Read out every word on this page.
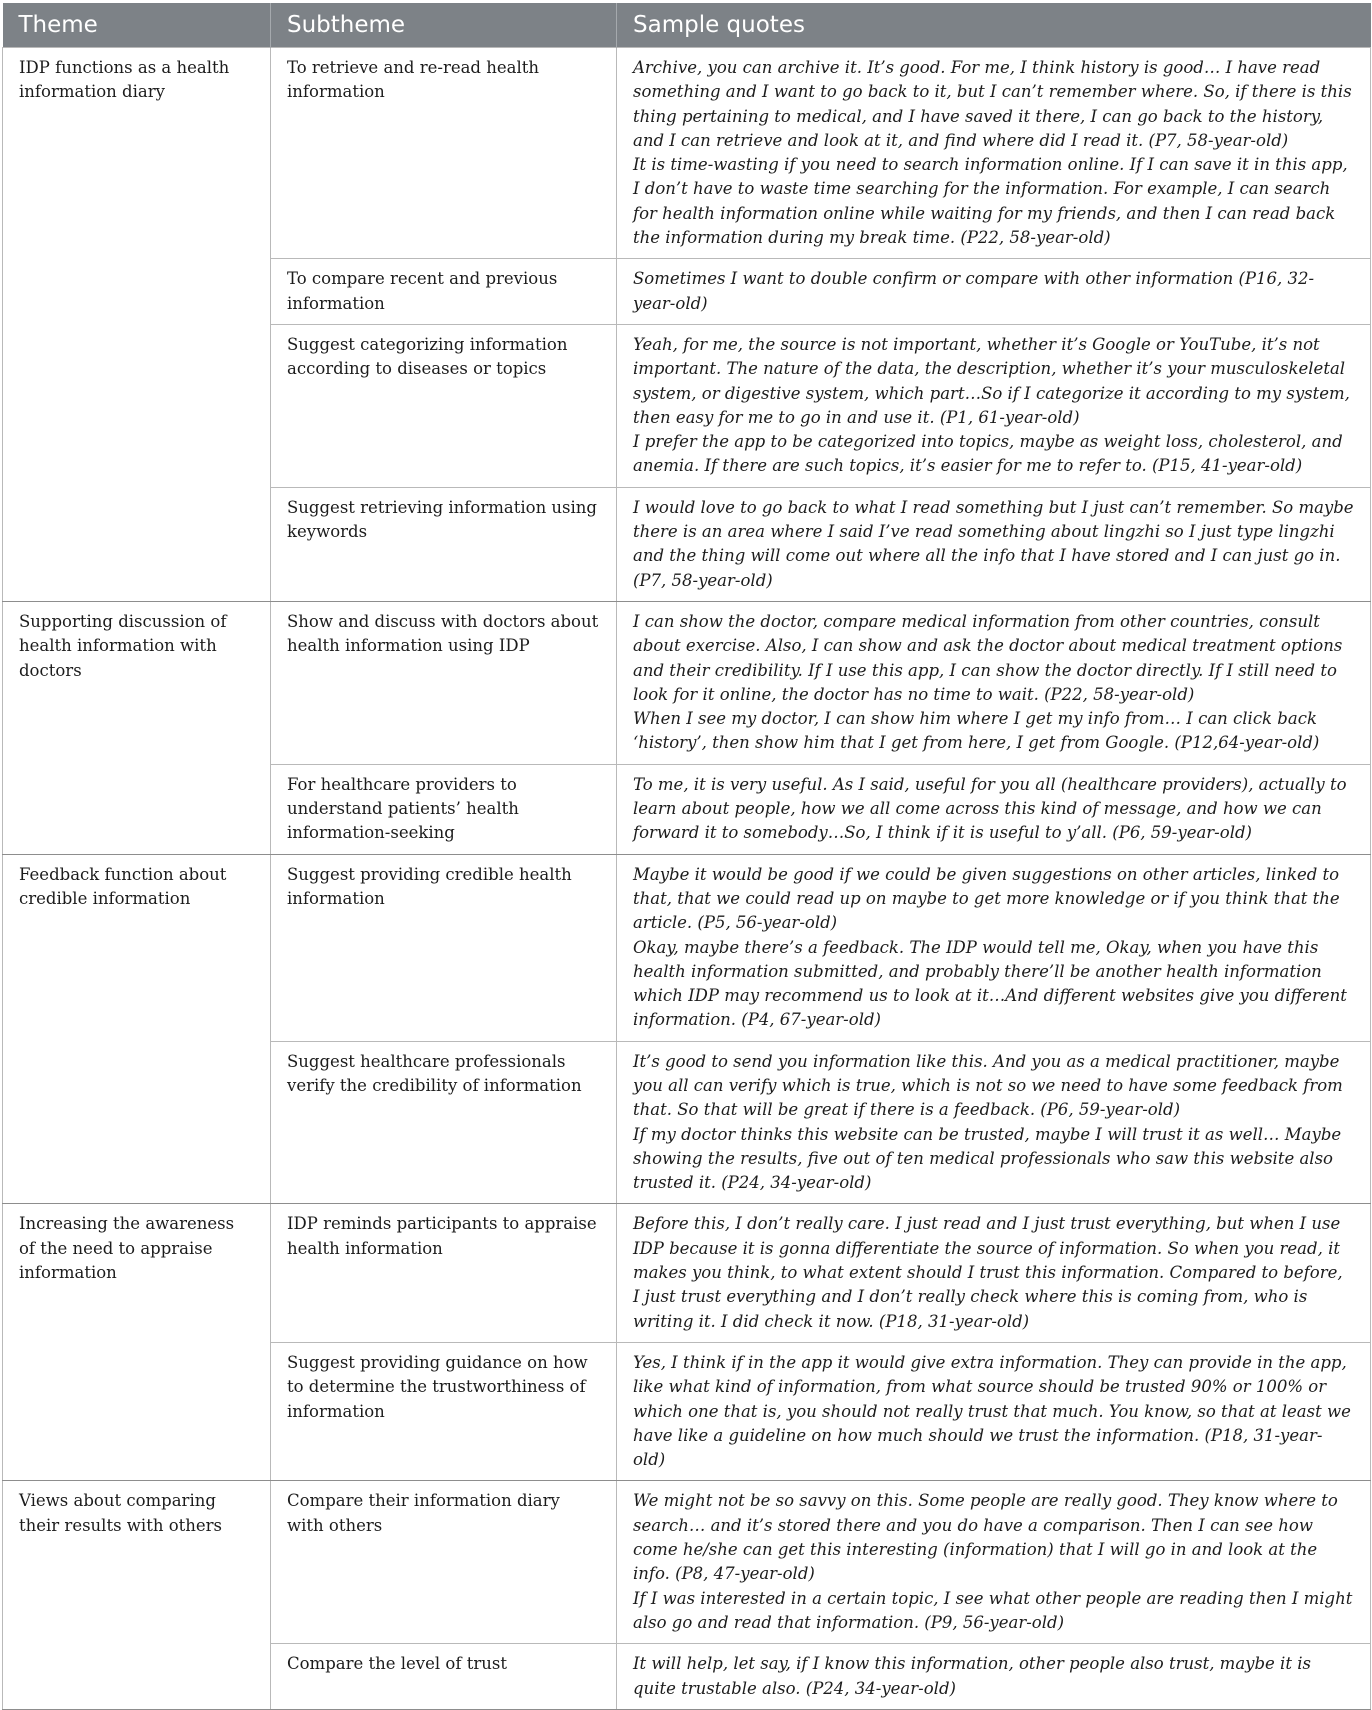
Theme	Subtheme	Sample quotes
IDP functions as a health information diary	To retrieve and re-read health information	Archive, you can archive it. It’s good. For me, I think history is good… I have read something and I want to go back to it, but I can’t remember where. So, if there is this thing pertaining to medical, and I have saved it there, I can go back to the history, and I can retrieve and look at it, and find where did I read it. (P7, 58-year-old)
It is time-wasting if you need to search information online. If I can save it in this app, I don’t have to waste time searching for the information. For example, I can search for health information online while waiting for my friends, and then I can read back the information during my break time. (P22, 58-year-old)

	To compare recent and previous information	Sometimes I want to double confirm or compare with other information (P16, 32-year-old)

	Suggest categorizing information according to diseases or topics	Yeah, for me, the source is not important, whether it’s Google or YouTube, it’s not important. The nature of the data, the description, whether it’s your musculoskeletal system, or digestive system, which part…So if I categorize it according to my system, then easy for me to go in and use it. (P1, 61-year-old)
I prefer the app to be categorized into topics, maybe as weight loss, cholesterol, and anemia. If there are such topics, it’s easier for me to refer to. (P15, 41-year-old)

	Suggest retrieving information using keywords	I would love to go back to what I read something but I just can’t remember. So maybe there is an area where I said I’ve read something about lingzhi so I just type lingzhi and the thing will come out where all the info that I have stored and I can just go in. (P7, 58-year-old)

Supporting discussion of health information with doctors	Show and discuss with doctors about health information using IDP	I can show the doctor, compare medical information from other countries, consult about exercise. Also, I can show and ask the doctor about medical treatment options and their credibility. If I use this app, I can show the doctor directly. If I still need to look for it online, the doctor has no time to wait. (P22, 58-year-old)
When I see my doctor, I can show him where I get my info from… I can click back ‘history’, then show him that I get from here, I get from Google. (P12,64-year-old)

	For healthcare providers to understand patients’ health information-seeking	To me, it is very useful. As I said, useful for you all (healthcare providers), actually to learn about people, how we all come across this kind of message, and how we can forward it to somebody…So, I think if it is useful to y’all. (P6, 59-year-old)

Feedback function about credible information	Suggest providing credible health information	Maybe it would be good if we could be given suggestions on other articles, linked to that, that we could read up on maybe to get more knowledge or if you think that the article. (P5, 56-year-old)
Okay, maybe there’s a feedback. The IDP would tell me, Okay, when you have this health information submitted, and probably there’ll be another health information which IDP may recommend us to look at it…And different websites give you different information. (P4, 67-year-old)

	Suggest healthcare professionals verify the credibility of information	It’s good to send you information like this. And you as a medical practitioner, maybe you all can verify which is true, which is not so we need to have some feedback from that. So that will be great if there is a feedback. (P6, 59-year-old)
If my doctor thinks this website can be trusted, maybe I will trust it as well… Maybe showing the results, five out of ten medical professionals who saw this website also trusted it. (P24, 34-year-old)

Increasing the awareness of the need to appraise information	IDP reminds participants to appraise health information	Before this, I don’t really care. I just read and I just trust everything, but when I use IDP because it is gonna differentiate the source of information. So when you read, it makes you think, to what extent should I trust this information. Compared to before, I just trust everything and I don’t really check where this is coming from, who is writing it. I did check it now. (P18, 31-year-old)

	Suggest providing guidance on how to determine the trustworthiness of information	Yes, I think if in the app it would give extra information. They can provide in the app, like what kind of information, from what source should be trusted 90% or 100% or which one that is, you should not really trust that much. You know, so that at least we have like a guideline on how much should we trust the information. (P18, 31-year-old)

Views about comparing their results with others	Compare their information diary with others	We might not be so savvy on this. Some people are really good. They know where to search… and it’s stored there and you do have a comparison. Then I can see how come he/she can get this interesting (information) that I will go in and look at the info. (P8, 47-year-old)
If I was interested in a certain topic, I see what other people are reading then I might also go and read that information. (P9, 56-year-old)

	Compare the level of trust	It will help, let say, if I know this information, other people also trust, maybe it is quite trustable also. (P24, 34-year-old)
